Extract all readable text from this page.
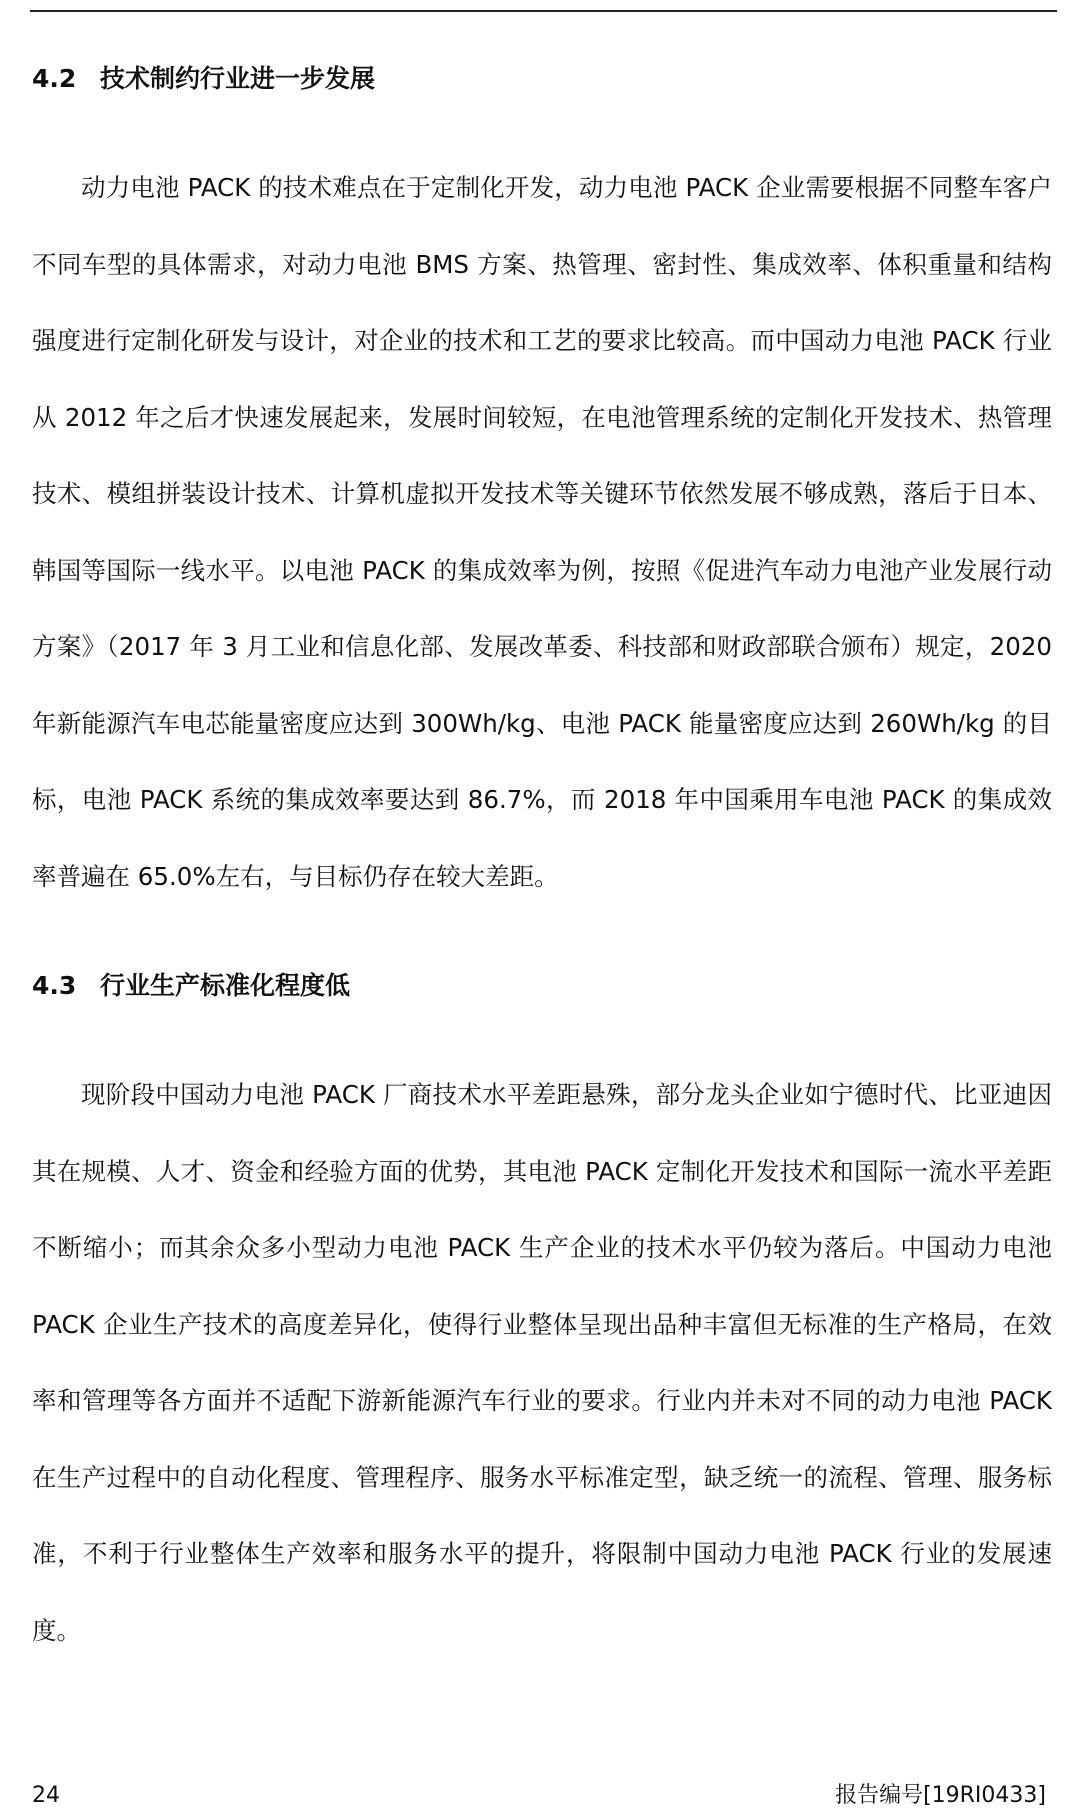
4.2 技术制约行业进一步发展

动力电池 PACK 的技术难点在于定制化开发，动力电池 PACK 企业需要根据不同整车客户不同车型的具体需求，对动力电池 BMS 方案、热管理、密封性、集成效率、体积重量和结构强度进行定制化研发与设计，对企业的技术和工艺的要求比较高。而中国动力电池 PACK 行业从 2012 年之后才快速发展起来，发展时间较短，在电池管理系统的定制化开发技术、热管理技术、模组拼装设计技术、计算机虚拟开发技术等关键环节依然发展不够成熟，落后于日本、韩国等国际一线水平。以电池 PACK 的集成效率为例，按照《促进汽车动力电池产业发展行动方案》（2017 年 3 月工业和信息化部、发展改革委、科技部和财政部联合颁布）规定，2020 年新能源汽车电芯能量密度应达到 300Wh/kg、电池 PACK 能量密度应达到 260Wh/kg 的目标，电池 PACK 系统的集成效率要达到 86.7%，而 2018 年中国乘用车电池 PACK 的集成效率普遍在 65.0%左右，与目标仍存在较大差距。

4.3 行业生产标准化程度低

现阶段中国动力电池 PACK 厂商技术水平差距悬殊，部分龙头企业如宁德时代、比亚迪因其在规模、人才、资金和经验方面的优势，其电池 PACK 定制化开发技术和国际一流水平差距不断缩小；而其余众多小型动力电池 PACK 生产企业的技术水平仍较为落后。中国动力电池 PACK 企业生产技术的高度差异化，使得行业整体呈现出品种丰富但无标准的生产格局，在效率和管理等各方面并不适配下游新能源汽车行业的要求。行业内并未对不同的动力电池 PACK 在生产过程中的自动化程度、管理程序、服务水平标准定型，缺乏统一的流程、管理、服务标准，不利于行业整体生产效率和服务水平的提升，将限制中国动力电池 PACK 行业的发展速度。

24	报告编号[19RI0433]
